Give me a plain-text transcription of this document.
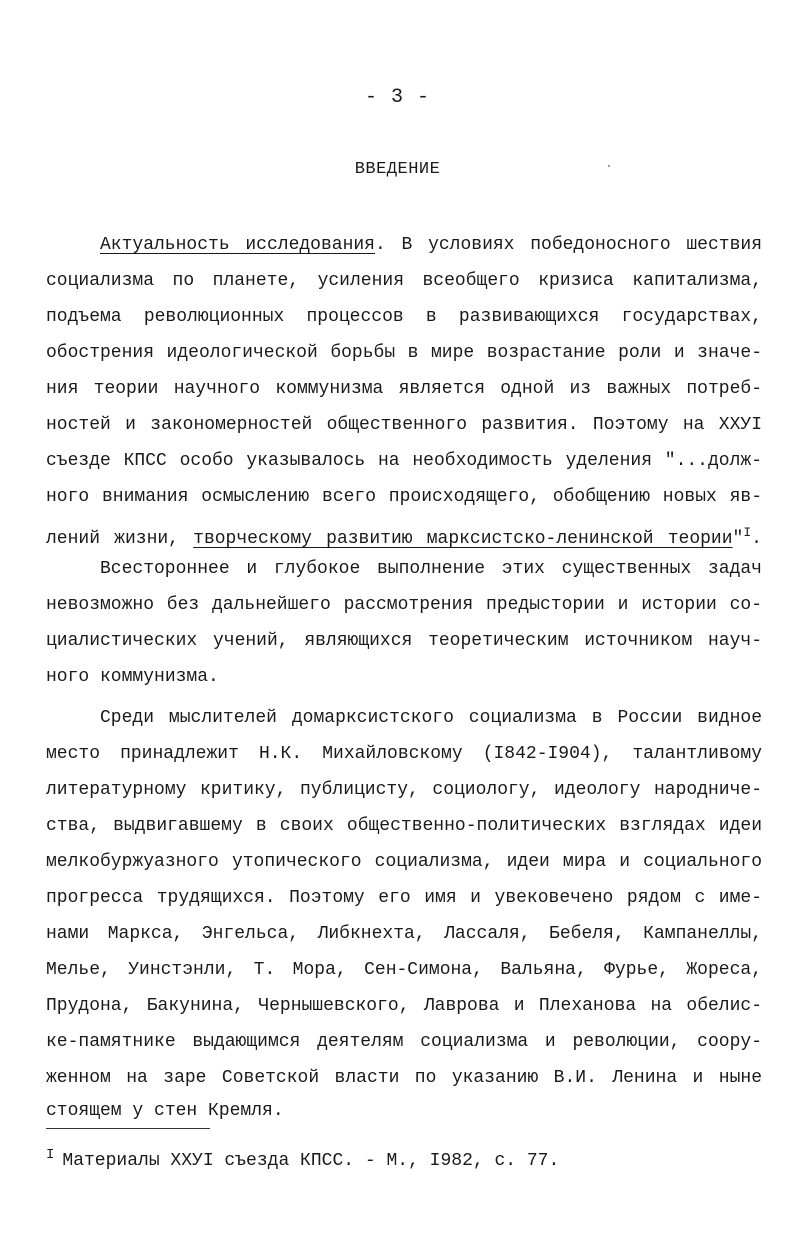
- 3 -
ВВЕДЕНИЕ
Актуальность исследования. В условиях победоносного шествия
социализма по планете, усиления всеобщего кризиса капитализма,
подъема революционных процессов в развивающихся государствах,
обострения идеологической борьбы в мире возрастание роли и значе-
ния теории научного коммунизма является одной из важных потреб-
ностей и закономерностей общественного развития. Поэтому на ХХУI
съезде КПСС особо указывалось на необходимость уделения "...долж-
ного внимания осмыслению всего происходящего, обобщению новых яв-
лений жизни, творческому развитию марксистско-ленинской теории"$^I$.
Всестороннее и глубокое выполнение этих существенных задач
невозможно без дальнейшего рассмотрения предыстории и истории со-
циалистических учений, являющихся теоретическим источником науч-
ного коммунизма.
Среди мыслителей домарксистского социализма в России видное
место принадлежит Н.К. Михайловскому (I842-I904), талантливому
литературному критику, публицисту, социологу, идеологу народниче-
ства, выдвигавшему в своих общественно-политических взглядах идеи
мелкобуржуазного утопического социализма, идеи мира и социального
прогресса трудящихся. Поэтому его имя и увековечено рядом с име-
нами Маркса, Энгельса, Либкнехта, Лассаля, Бебеля, Кампанеллы,
Мелье, Уинстэнли, Т. Мора, Сен-Симона, Вальяна, Фурье, Жореса,
Прудона, Бакунина, Чернышевского, Лаврова и Плеханова на обелис-
ке-памятнике выдающимся деятелям социализма и революции, соору-
женном на заре Советской власти по указанию В.И. Ленина и ныне
стоящем у стен Кремля.
$^I$ Материалы ХХУI съезда КПСС. - М., I982, с. 77.
